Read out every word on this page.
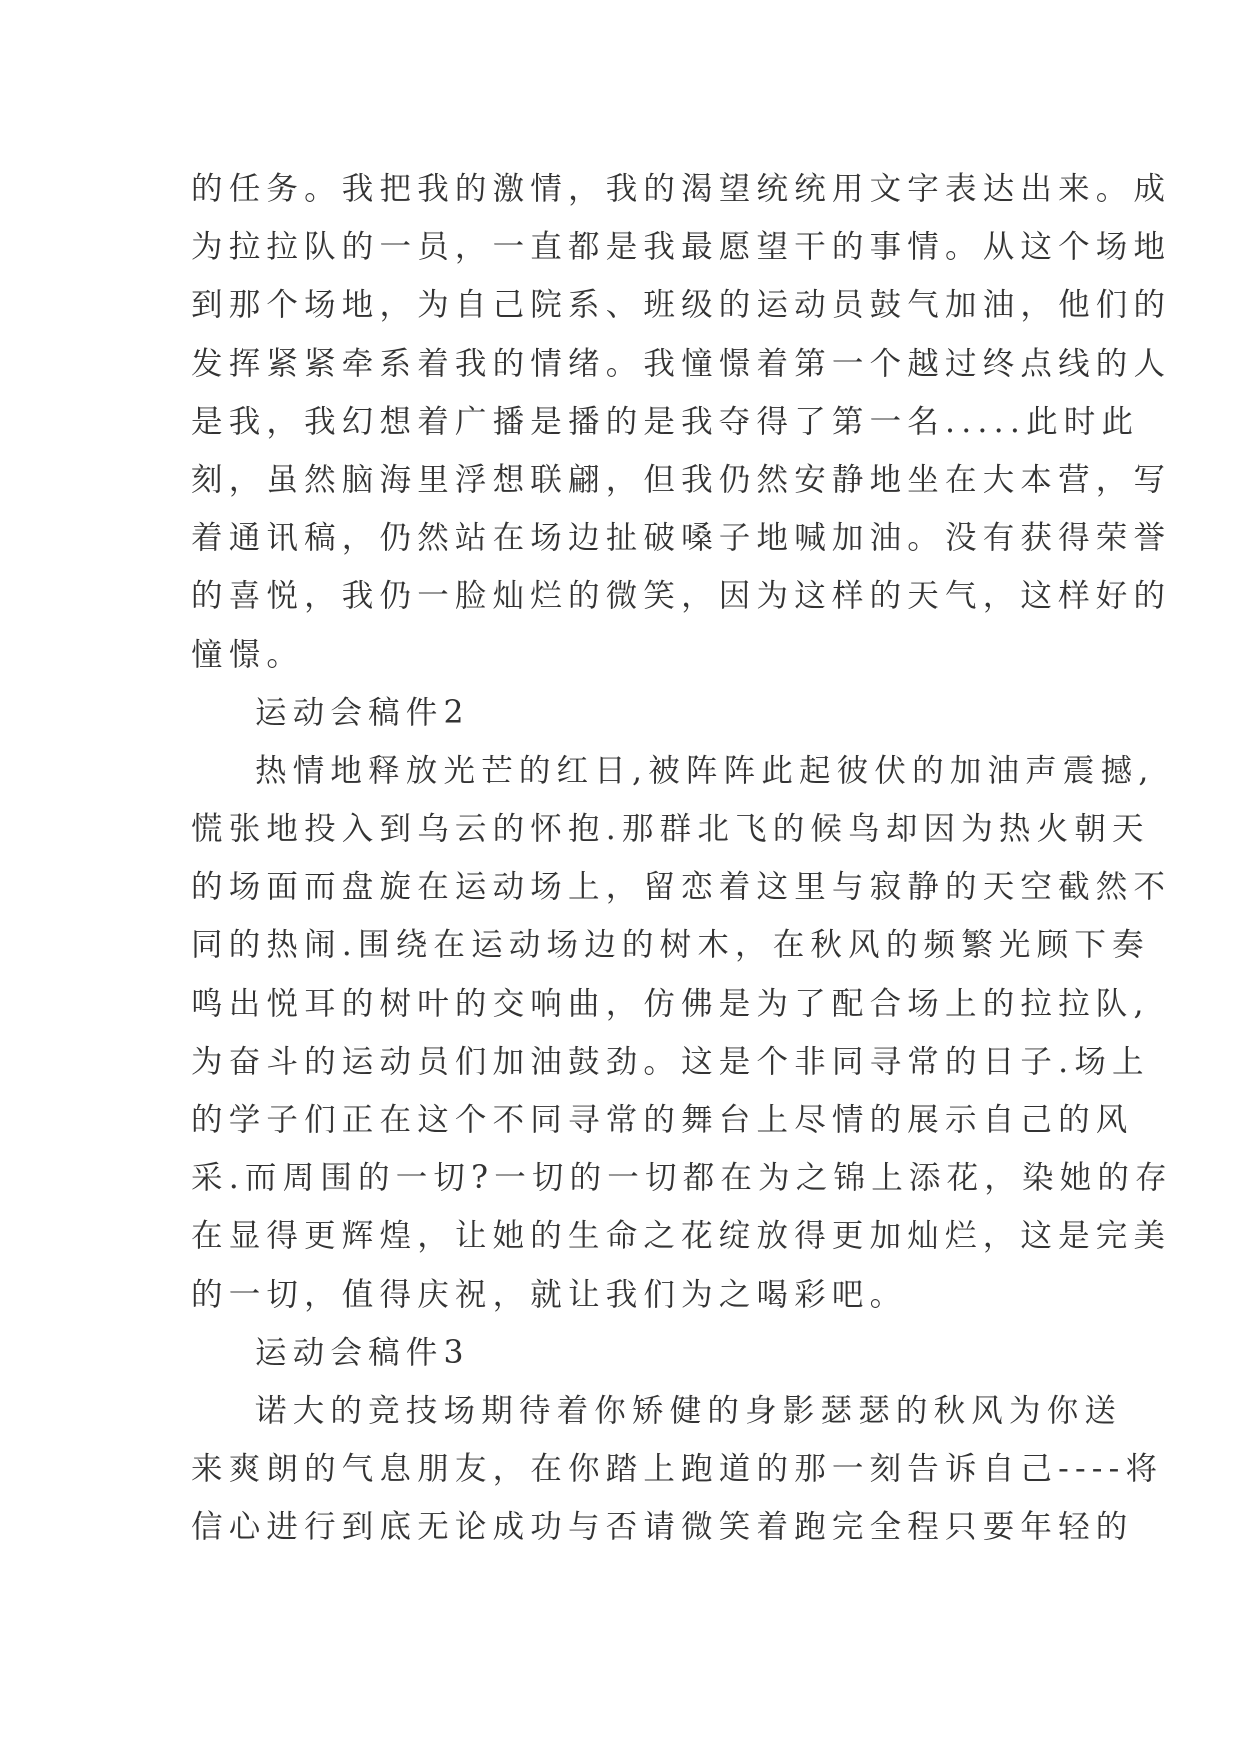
的任务。我把我的激情，我的渴望统统用文字表达出来。成
为拉拉队的一员，一直都是我最愿望干的事情。从这个场地
到那个场地，为自己院系、班级的运动员鼓气加油，他们的
发挥紧紧牵系着我的情绪。我憧憬着第一个越过终点线的人
是我，我幻想着广播是播的是我夺得了第一名.....此时此
刻，虽然脑海里浮想联翩，但我仍然安静地坐在大本营，写
着通讯稿，仍然站在场边扯破嗓子地喊加油。没有获得荣誉
的喜悦，我仍一脸灿烂的微笑，因为这样的天气，这样好的
憧憬。
运动会稿件2
热情地释放光芒的红日,被阵阵此起彼伏的加油声震撼,
慌张地投入到乌云的怀抱.那群北飞的候鸟却因为热火朝天
的场面而盘旋在运动场上，留恋着这里与寂静的天空截然不
同的热闹.围绕在运动场边的树木，在秋风的频繁光顾下奏
鸣出悦耳的树叶的交响曲，仿佛是为了配合场上的拉拉队,
为奋斗的运动员们加油鼓劲。这是个非同寻常的日子.场上
的学子们正在这个不同寻常的舞台上尽情的展示自己的风
采.而周围的一切?一切的一切都在为之锦上添花，染她的存
在显得更辉煌，让她的生命之花绽放得更加灿烂，这是完美
的一切，值得庆祝，就让我们为之喝彩吧。
运动会稿件3
诺大的竞技场期待着你矫健的身影瑟瑟的秋风为你送
来爽朗的气息朋友，在你踏上跑道的那一刻告诉自己----将
信心进行到底无论成功与否请微笑着跑完全程只要年轻的
